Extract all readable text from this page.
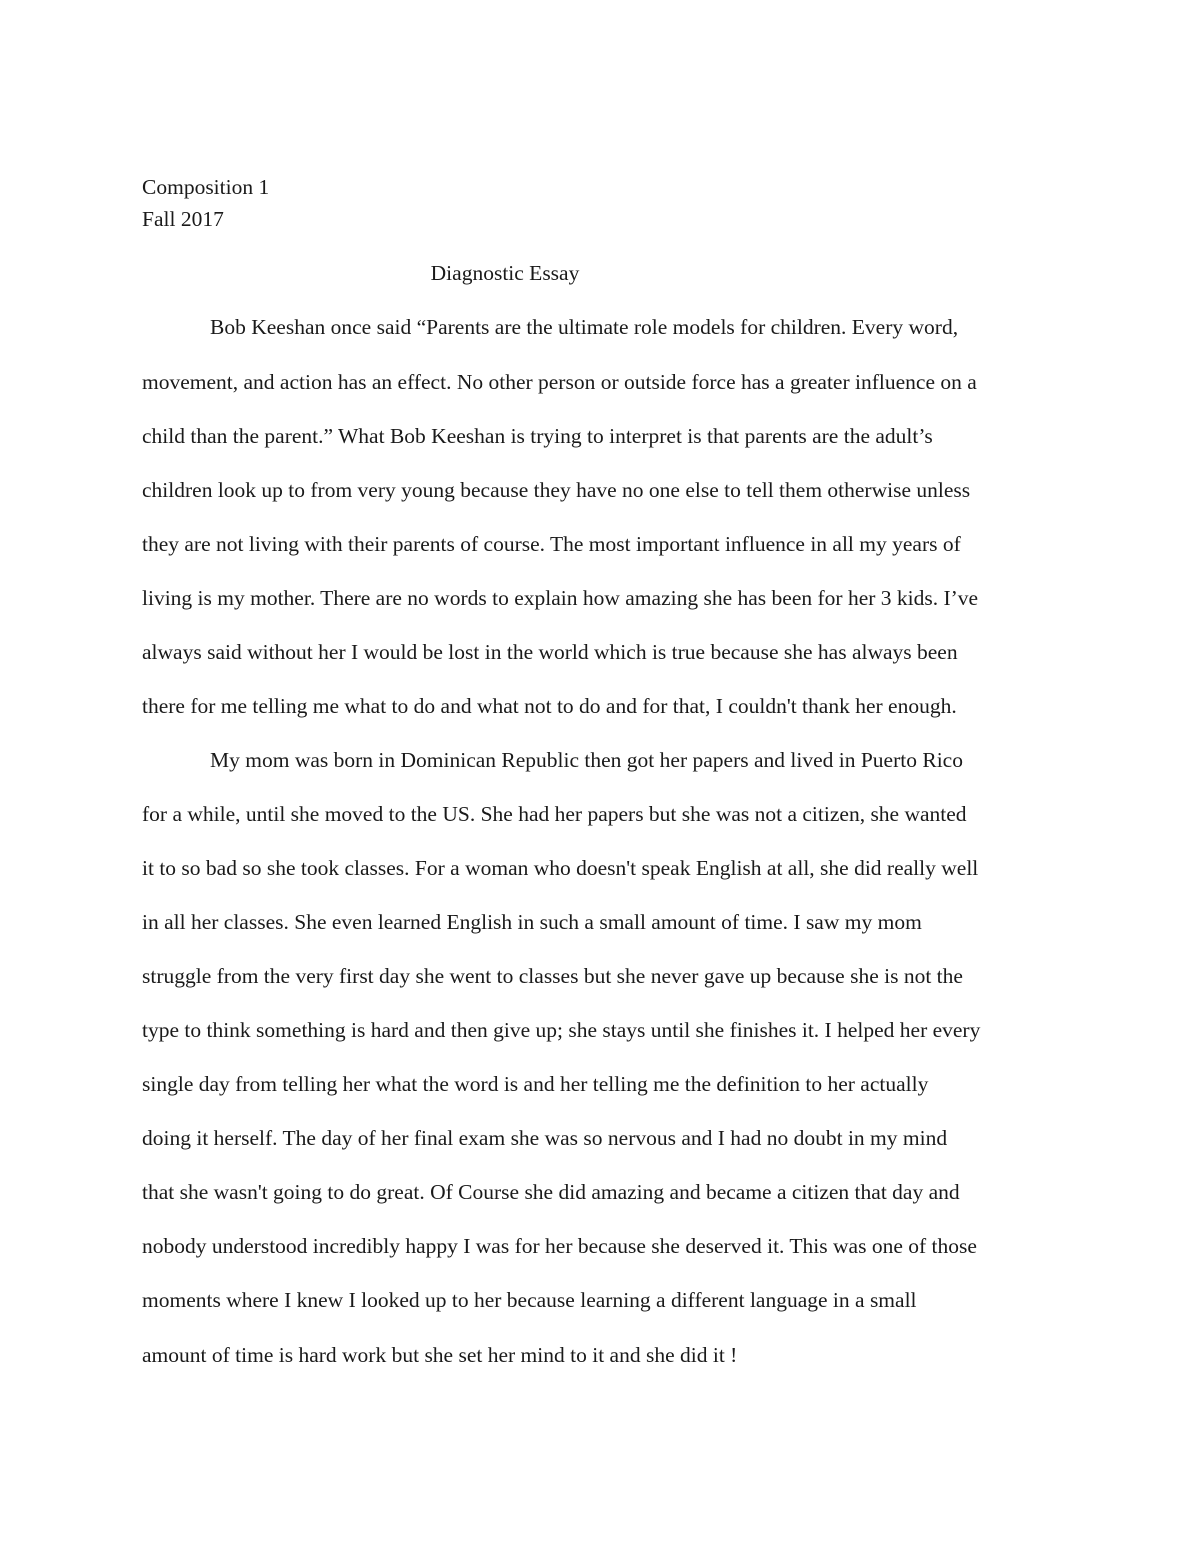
Composition 1
Fall 2017
Diagnostic Essay
Bob Keeshan once said “Parents are the ultimate role models for children. Every word,
movement, and action has an effect. No other person or outside force has a greater influence on a
child than the parent.” What Bob Keeshan is trying to interpret is that parents are the adult’s
children look up to from very young because they have no one else to tell them otherwise unless
they are not living with their parents of course. The most important influence in all my years of
living is my mother. There are no words to explain how amazing she has been for her 3 kids. I’ve
always said without her I would be lost in the world which is true because she has always been
there for me telling me what to do and what not to do and for that, I couldn't thank her enough.
My mom was born in Dominican Republic then got her papers and lived in Puerto Rico
for a while, until she moved to the US. She had her papers but she was not a citizen, she wanted
it to so bad so she took classes. For a woman who doesn't speak English at all, she did really well
in all her classes. She even learned English in such a small amount of time. I saw my mom
struggle from the very first day she went to classes but she never gave up because she is not the
type to think something is hard and then give up; she stays until she finishes it. I helped her every
single day from telling her what the word is and her telling me the definition to her actually
doing it herself. The day of her final exam she was so nervous and I had no doubt in my mind
that she wasn't going to do great. Of Course she did amazing and became a citizen that day and
nobody understood incredibly happy I was for her because she deserved it. This was one of those
moments where I knew I looked up to her because learning a different language in a small
amount of time is hard work but she set her mind to it and she did it !
